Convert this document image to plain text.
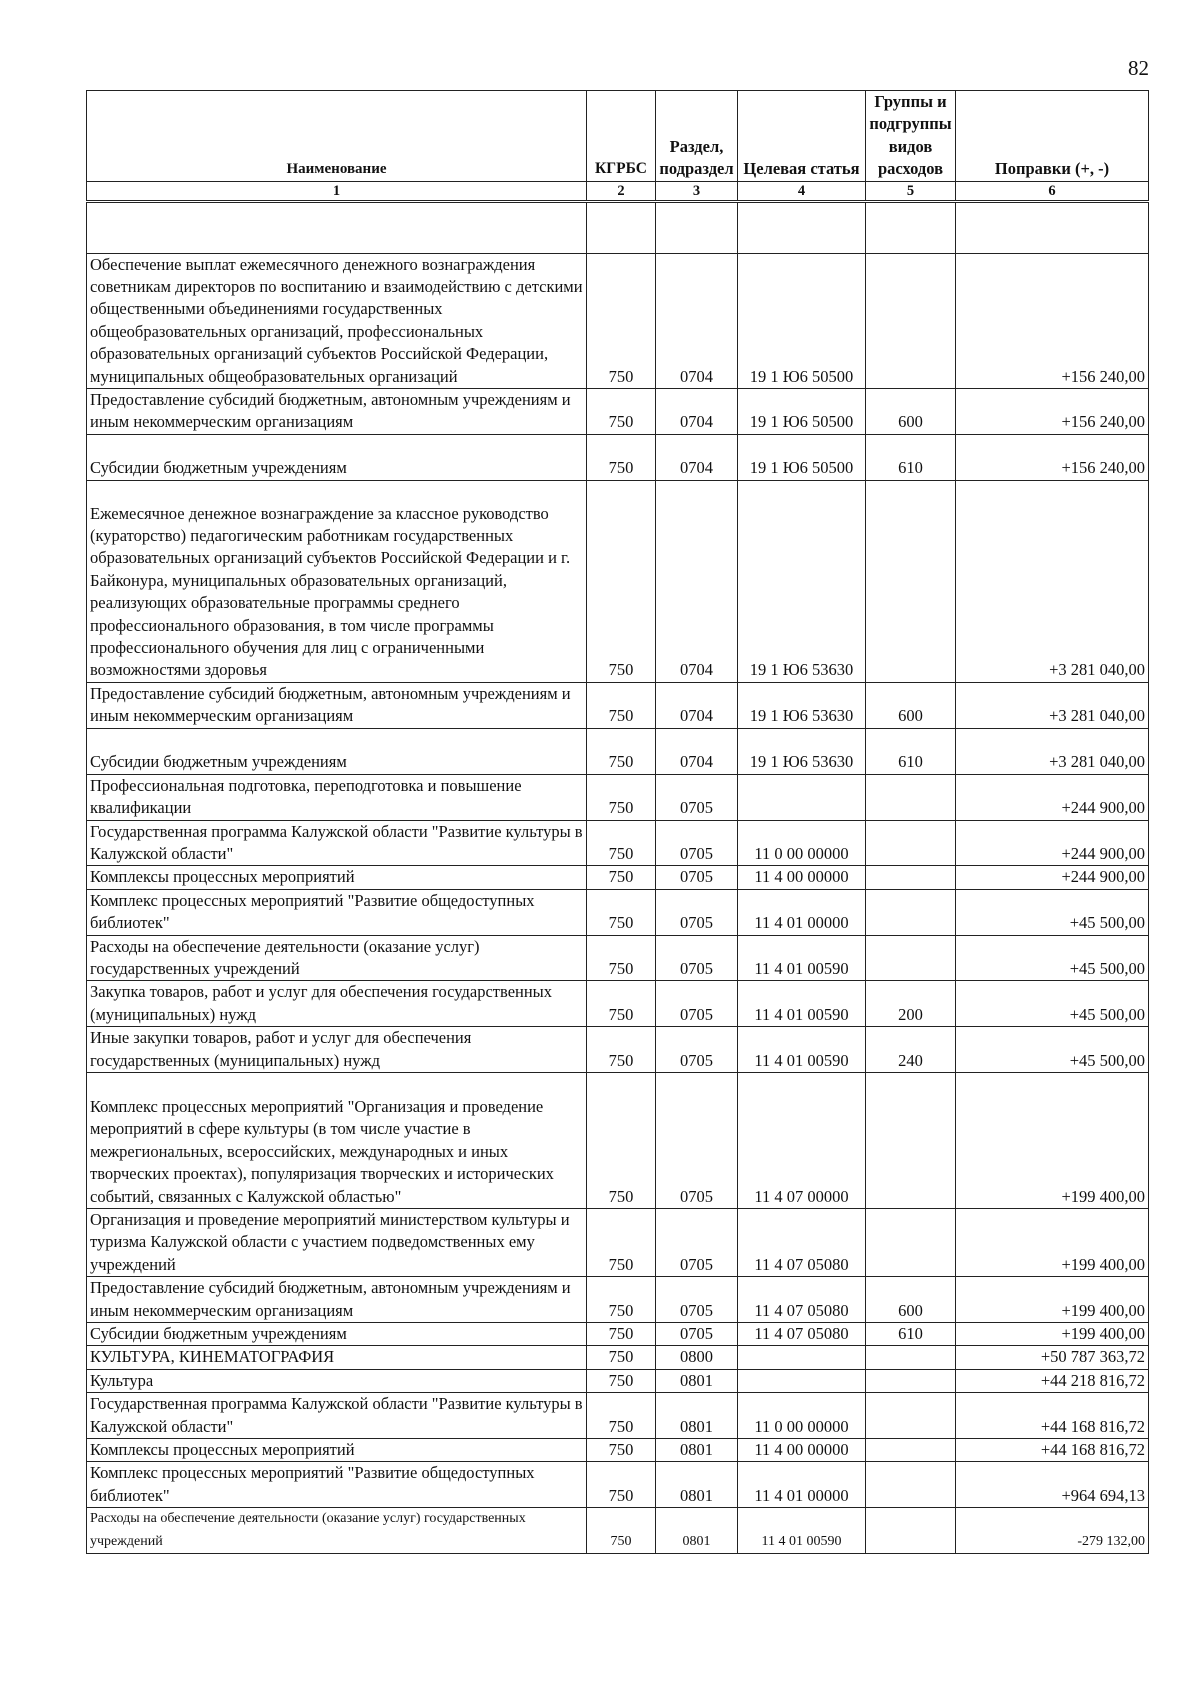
82
Наименование	КГРБС	Раздел, подраздел	Целевая статья	Группы и подгруппы видов расходов	Поправки (+, -)
1	2	3	4	5	6

Обеспечение выплат ежемесячного денежного вознаграждения советникам директоров по воспитанию и взаимодействию с детскими общественными объединениями государственных общеобразовательных организаций, профессиональных образовательных организаций субъектов Российской Федерации, муниципальных общеобразовательных организаций	750	0704	19 1 Ю6 50500		+156 240,00
Предоставление субсидий бюджетным, автономным учреждениям и иным некоммерческим организациям	750	0704	19 1 Ю6 50500	600	+156 240,00
Субсидии бюджетным учреждениям	750	0704	19 1 Ю6 50500	610	+156 240,00
Ежемесячное денежное вознаграждение за классное руководство (кураторство) педагогическим работникам государственных образовательных организаций субъектов Российской Федерации и г. Байконура, муниципальных образовательных организаций, реализующих образовательные программы среднего профессионального образования, в том числе программы профессионального обучения для лиц с ограниченными возможностями здоровья	750	0704	19 1 Ю6 53630		+3 281 040,00
Предоставление субсидий бюджетным, автономным учреждениям и иным некоммерческим организациям	750	0704	19 1 Ю6 53630	600	+3 281 040,00
Субсидии бюджетным учреждениям	750	0704	19 1 Ю6 53630	610	+3 281 040,00
Профессиональная подготовка, переподготовка и повышение квалификации	750	0705			+244 900,00
Государственная программа Калужской области "Развитие культуры в Калужской области"	750	0705	11 0 00 00000		+244 900,00
Комплексы процессных мероприятий	750	0705	11 4 00 00000		+244 900,00
Комплекс процессных мероприятий "Развитие общедоступных библиотек"	750	0705	11 4 01 00000		+45 500,00
Расходы на обеспечение деятельности (оказание услуг) государственных учреждений	750	0705	11 4 01 00590		+45 500,00
Закупка товаров, работ и услуг для обеспечения государственных (муниципальных) нужд	750	0705	11 4 01 00590	200	+45 500,00
Иные закупки товаров, работ и услуг для обеспечения государственных (муниципальных) нужд	750	0705	11 4 01 00590	240	+45 500,00
Комплекс процессных мероприятий "Организация и проведение мероприятий в сфере культуры (в том числе участие в межрегиональных, всероссийских, международных и иных творческих проектах), популяризация творческих и исторических событий, связанных с Калужской областью"	750	0705	11 4 07 00000		+199 400,00
Организация и проведение мероприятий министерством культуры и туризма Калужской области с участием подведомственных ему учреждений	750	0705	11 4 07 05080		+199 400,00
Предоставление субсидий бюджетным, автономным учреждениям и иным некоммерческим организациям	750	0705	11 4 07 05080	600	+199 400,00
Субсидии бюджетным учреждениям	750	0705	11 4 07 05080	610	+199 400,00
КУЛЬТУРА, КИНЕМАТОГРАФИЯ	750	0800			+50 787 363,72
Культура	750	0801			+44 218 816,72
Государственная программа Калужской области "Развитие культуры в Калужской области"	750	0801	11 0 00 00000		+44 168 816,72
Комплексы процессных мероприятий	750	0801	11 4 00 00000		+44 168 816,72
Комплекс процессных мероприятий "Развитие общедоступных библиотек"	750	0801	11 4 01 00000		+964 694,13
Расходы на обеспечение деятельности (оказание услуг) государственных учреждений	750	0801	11 4 01 00590		-279 132,00
